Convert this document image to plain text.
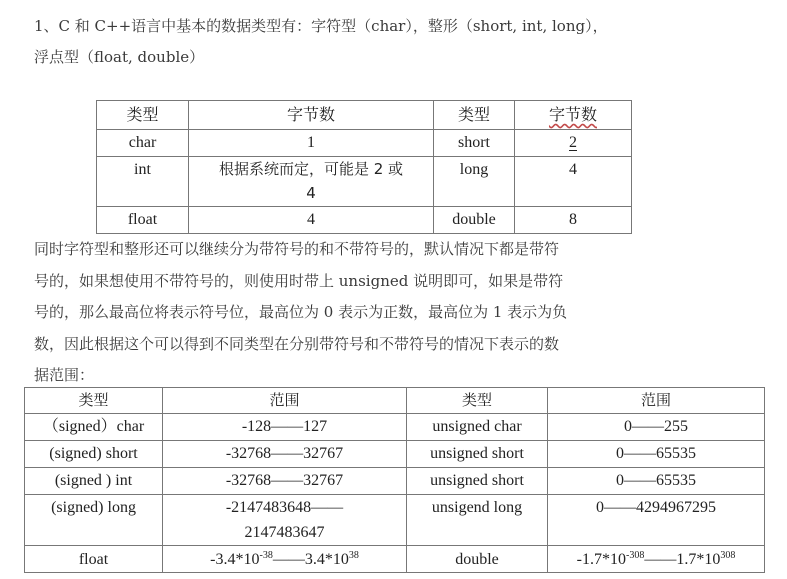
1、C 和 C++语言中基本的数据类型有：字符型（char），整形（short, int, long），
浮点型（float, double）
类型	字节数	类型	字节数
char	1	short	2
int	根据系统而定，可能是 2 或
4	long	4
float	4	double	8
同时字符型和整形还可以继续分为带符号的和不带符号的，默认情况下都是带符
号的，如果想使用不带符号的，则使用时带上 unsigned 说明即可，如果是带符
号的，那么最高位将表示符号位，最高位为 0 表示为正数，最高位为 1 表示为负
数，因此根据这个可以得到不同类型在分别带符号和不带符号的情况下表示的数
据范围：
类型	范围	类型	范围
（signed）char	-128——127	unsigned char	0——255
(signed) short	-32768——32767	unsigned short	0——65535
(signed ) int	-32768——32767	unsigned short	0——65535
(signed) long	-2147483648——
2147483647	unsigend long	0——4294967295
float	$-3.4*10^{-38}——3.4*10^{38}$	double	$-1.7*10^{-308}——1.7*10^{308}$
